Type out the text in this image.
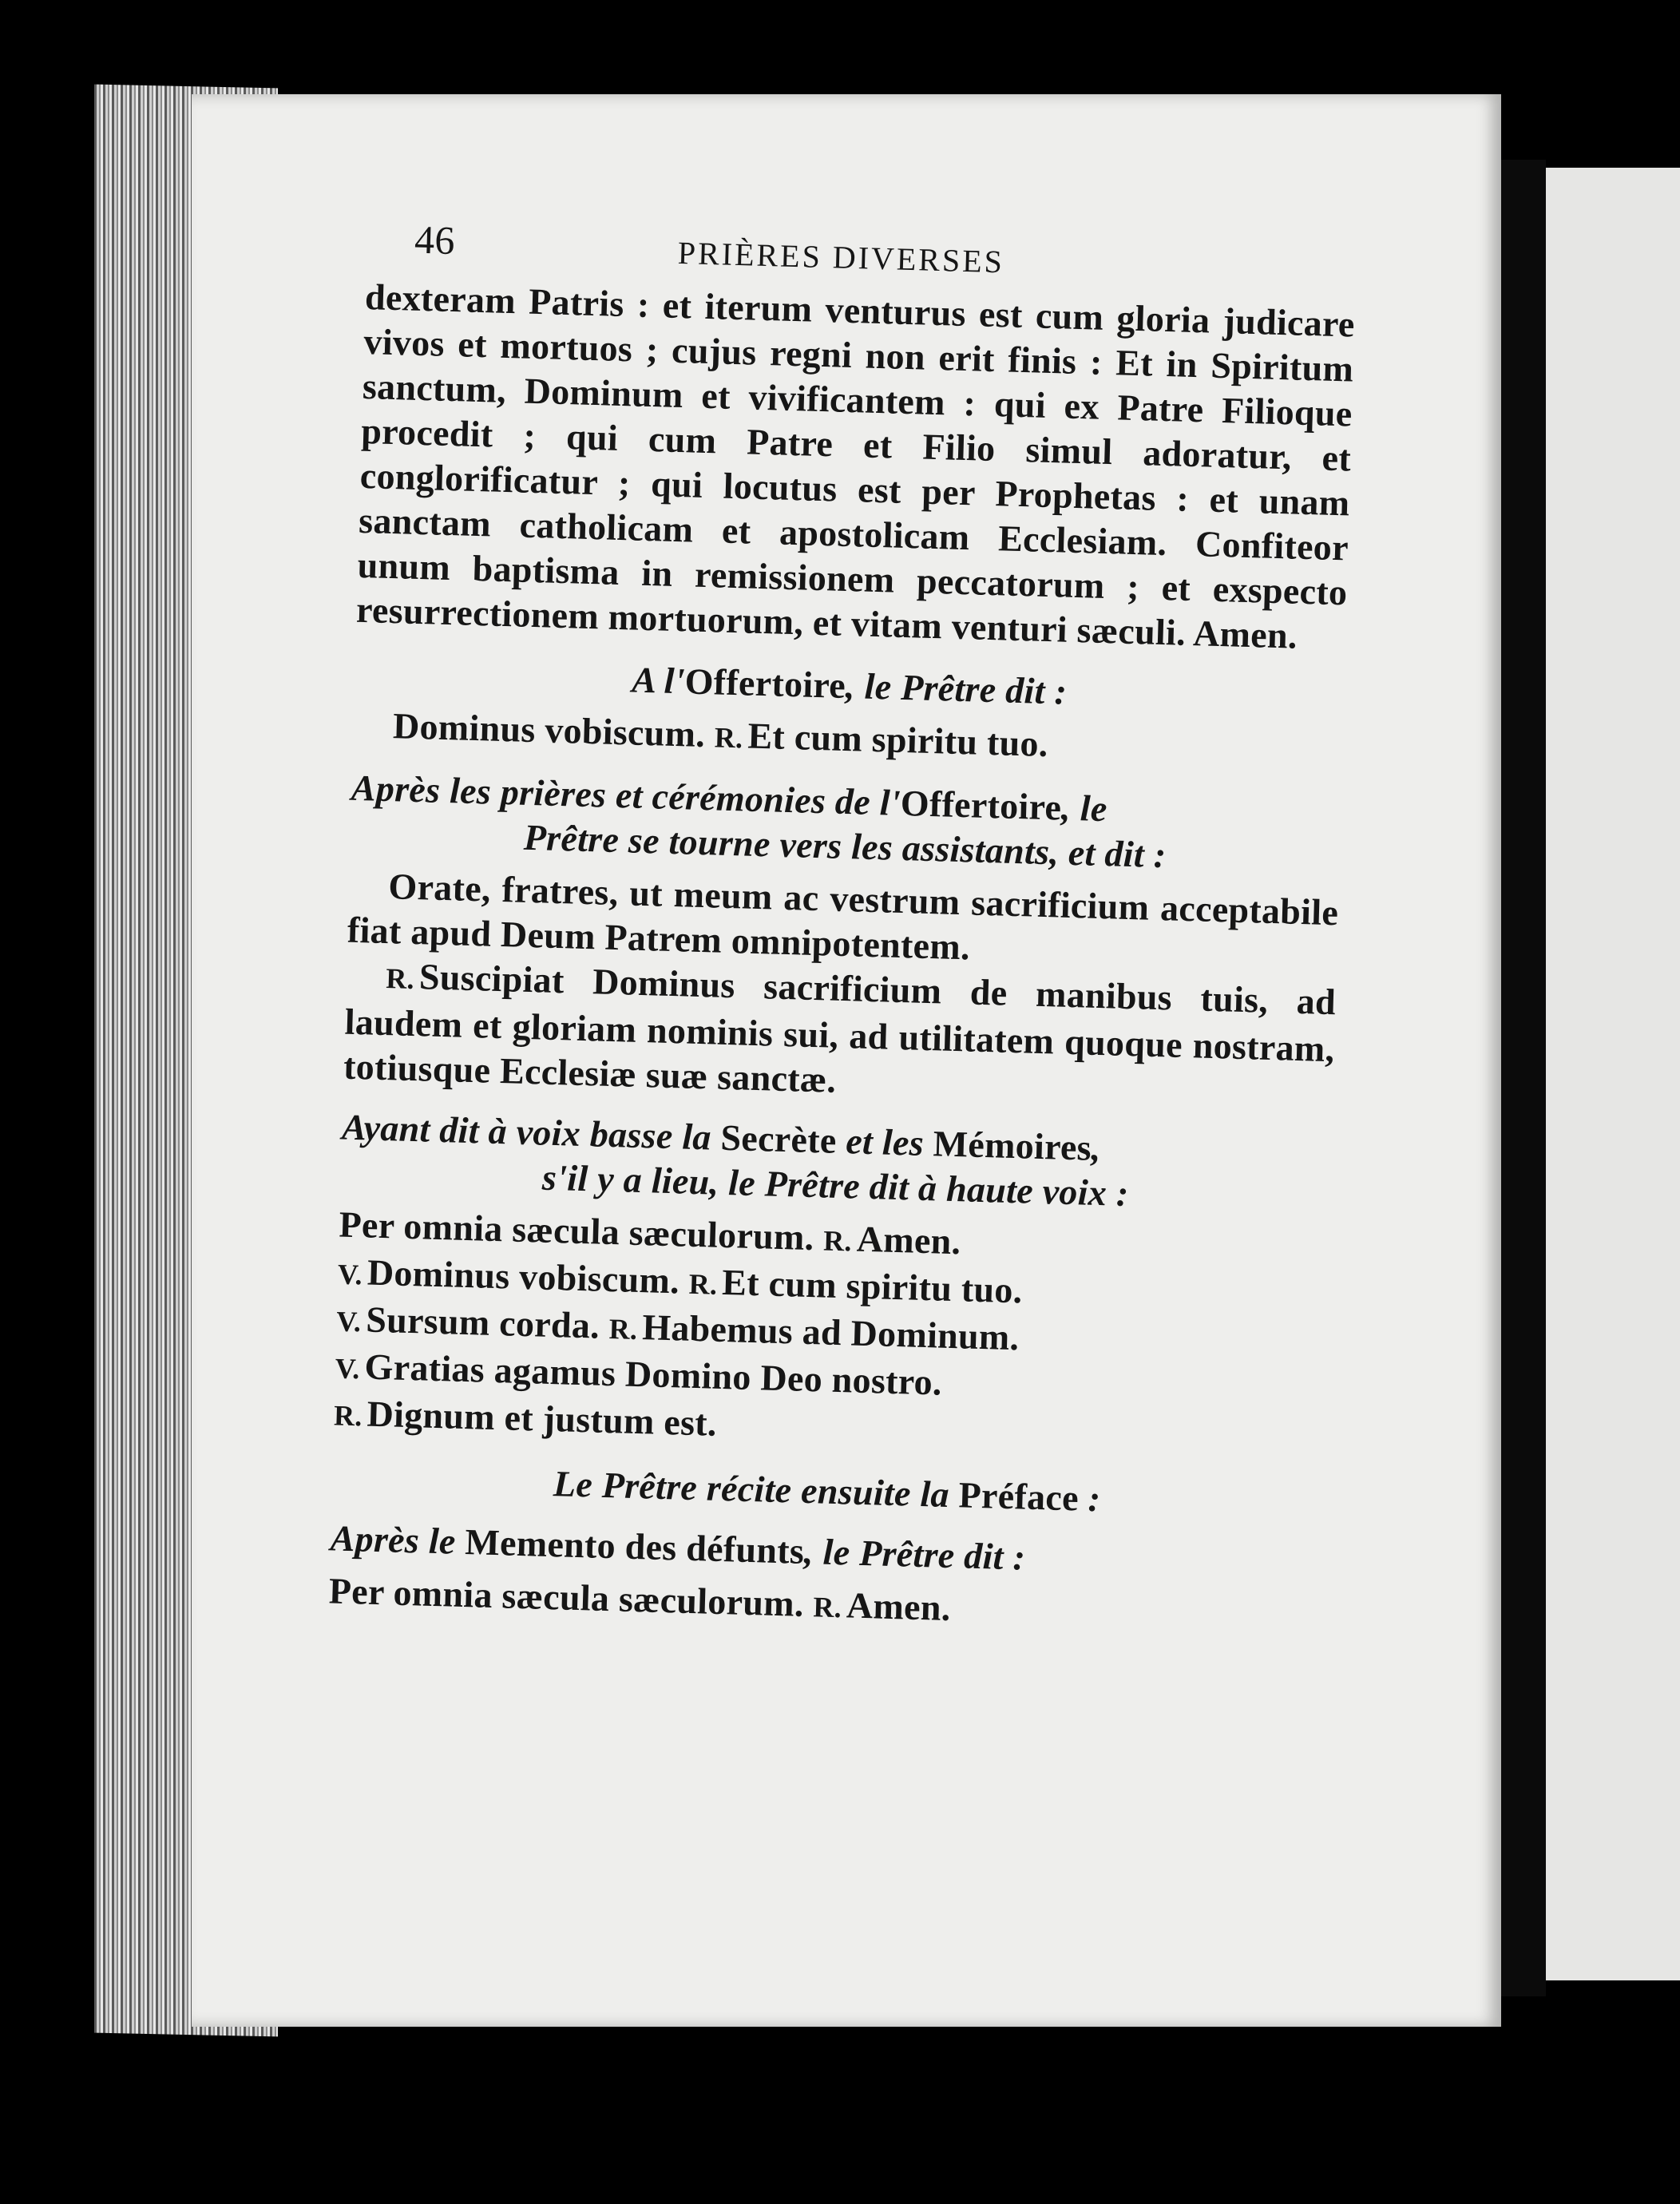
46	PRIÈRES DIVERSES

dexteram Patris : et iterum venturus est cum gloria judicare vivos et mortuos ; cujus regni non erit finis : Et in Spiritum sanctum, Dominum et vivificantem : qui ex Patre Filioque procedit ; qui cum Patre et Filio simul adoratur, et conglorificatur ; qui locutus est per Prophetas : et unam sanctam catholicam et apostolicam Ecclesiam. Confiteor unum baptisma in remissionem peccatorum ; et exspecto resurrectionem mortuorum, et vitam venturi sæculi. Amen.

A l'Offertoire, le Prêtre dit :

Dominus vobiscum. R. Et cum spiritu tuo.

Après les prières et cérémonies de l'Offertoire, le
Prêtre se tourne vers les assistants, et dit :

Orate, fratres, ut meum ac vestrum sacrificium acceptabile fiat apud Deum Patrem omnipotentem.

R. Suscipiat Dominus sacrificium de manibus tuis, ad laudem et gloriam nominis sui, ad utilitatem quoque nostram, totiusque Ecclesiæ suæ sanctæ.

Ayant dit à voix basse la Secrète et les Mémoires,
s'il y a lieu, le Prêtre dit à haute voix :

Per omnia sæcula sæculorum. R. Amen.
V. Dominus vobiscum. R. Et cum spiritu tuo.
V. Sursum corda. R. Habemus ad Dominum.
V. Gratias agamus Domino Deo nostro.
R. Dignum et justum est.

Le Prêtre récite ensuite la Préface :

Après le Memento des défunts, le Prêtre dit :

Per omnia sæcula sæculorum. R. Amen.
